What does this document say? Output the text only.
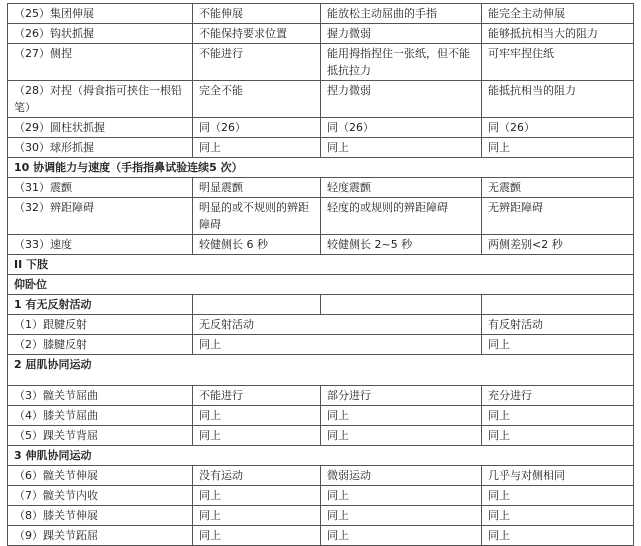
（25）集团伸展	不能伸展	能放松主动屈曲的手指	能完全主动伸展
（26）钩状抓握	不能保持要求位置	握力微弱	能够抵抗相当大的阻力
（27）侧捏	不能进行	能用拇指捏住一张纸，但不能抵抗拉力	可牢牢捏住纸
（28）对捏（拇食指可挟住一根铅笔）	完全不能	捏力微弱	能抵抗相当的阻力
（29）圆柱状抓握	同（26）	同（26）	同（26）
（30）球形抓握	同上	同上	同上
10 协调能力与速度（手指指鼻试验连续5 次）			
（31）震颤	明显震颤	轻度震颤	无震颤
（32）辨距障碍	明显的或不规则的辨距障碍	轻度的或规则的辨距障碍	无辨距障碍
（33）速度	较健侧长 6 秒	较健侧长 2~5 秒	两侧差别<2 秒
II 下肢			
仰卧位			
1 有无反射活动			
（1）跟腱反射	无反射活动		有反射活动
（2）膝腱反射	同上		同上
2 屈肌协同运动			
（3）髋关节屈曲	不能进行	部分进行	充分进行
（4）膝关节屈曲	同上	同上	同上
（5）踝关节背屈	同上	同上	同上
3 伸肌协同运动			
（6）髋关节伸展	没有运动	微弱运动	几乎与对侧相同
（7）髋关节内收	同上	同上	同上
（8）膝关节伸展	同上	同上	同上
（9）踝关节跖屈	同上	同上	同上
